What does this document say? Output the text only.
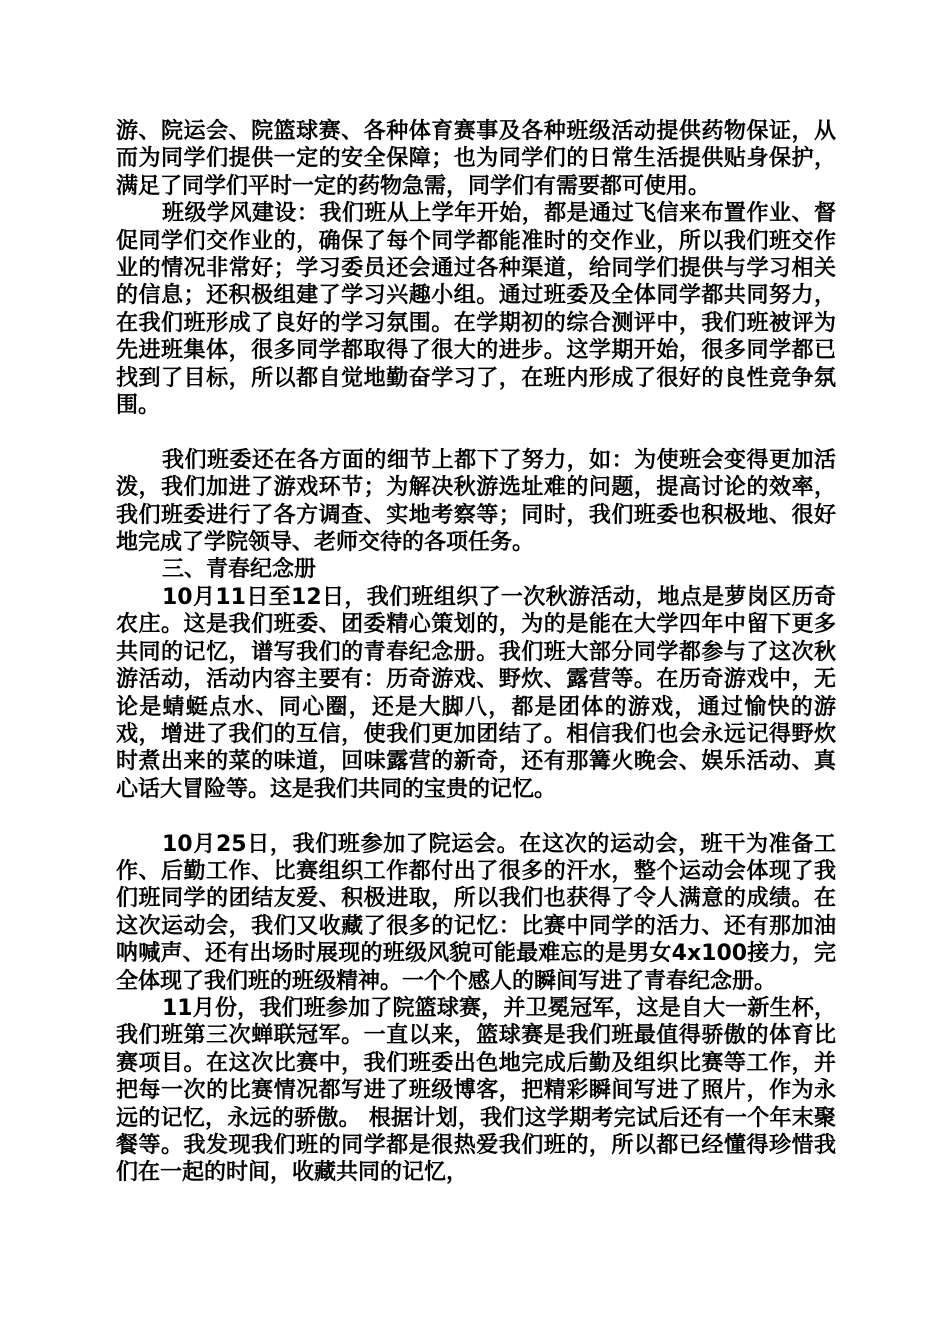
游、院运会、院篮球赛、各种体育赛事及各种班级活动提供药物保证，从而为同学们提供一定的安全保障；也为同学们的日常生活提供贴身保护，满足了同学们平时一定的药物急需，同学们有需要都可使用。

班级学风建设：我们班从上学年开始，都是通过飞信来布置作业、督促同学们交作业的，确保了每个同学都能准时的交作业，所以我们班交作业的情况非常好；学习委员还会通过各种渠道，给同学们提供与学习相关的信息；还积极组建了学习兴趣小组。通过班委及全体同学都共同努力，在我们班形成了良好的学习氛围。在学期初的综合测评中，我们班被评为先进班集体，很多同学都取得了很大的进步。这学期开始，很多同学都已找到了目标，所以都自觉地勤奋学习了，在班内形成了很好的良性竞争氛围。

我们班委还在各方面的细节上都下了努力，如：为使班会变得更加活泼，我们加进了游戏环节；为解决秋游选址难的问题，提高讨论的效率，我们班委进行了各方调查、实地考察等；同时，我们班委也积极地、很好地完成了学院领导、老师交待的各项任务。

三、青春纪念册

10月11日至12日，我们班组织了一次秋游活动，地点是萝岗区历奇农庄。这是我们班委、团委精心策划的，为的是能在大学四年中留下更多共同的记忆，谱写我们的青春纪念册。我们班大部分同学都参与了这次秋游活动，活动内容主要有：历奇游戏、野炊、露营等。在历奇游戏中，无论是蜻蜓点水、同心圈，还是大脚八，都是团体的游戏，通过愉快的游戏，增进了我们的互信，使我们更加团结了。相信我们也会永远记得野炊时煮出来的菜的味道，回味露营的新奇，还有那篝火晚会、娱乐活动、真心话大冒险等。这是我们共同的宝贵的记忆。

10月25日，我们班参加了院运会。在这次的运动会，班干为准备工作、后勤工作、比赛组织工作都付出了很多的汗水，整个运动会体现了我们班同学的团结友爱、积极进取，所以我们也获得了令人满意的成绩。在这次运动会，我们又收藏了很多的记忆：比赛中同学的活力、还有那加油呐喊声、还有出场时展现的班级风貌可能最难忘的是男女4x100接力，完全体现了我们班的班级精神。一个个感人的瞬间写进了青春纪念册。

11月份，我们班参加了院篮球赛，并卫冕冠军，这是自大一新生杯，我们班第三次蝉联冠军。一直以来，篮球赛是我们班最值得骄傲的体育比赛项目。在这次比赛中，我们班委出色地完成后勤及组织比赛等工作，并把每一次的比赛情况都写进了班级博客，把精彩瞬间写进了照片，作为永远的记忆，永远的骄傲。 根据计划，我们这学期考完试后还有一个年末聚餐等。我发现我们班的同学都是很热爱我们班的，所以都已经懂得珍惜我们在一起的时间，收藏共同的记忆，
